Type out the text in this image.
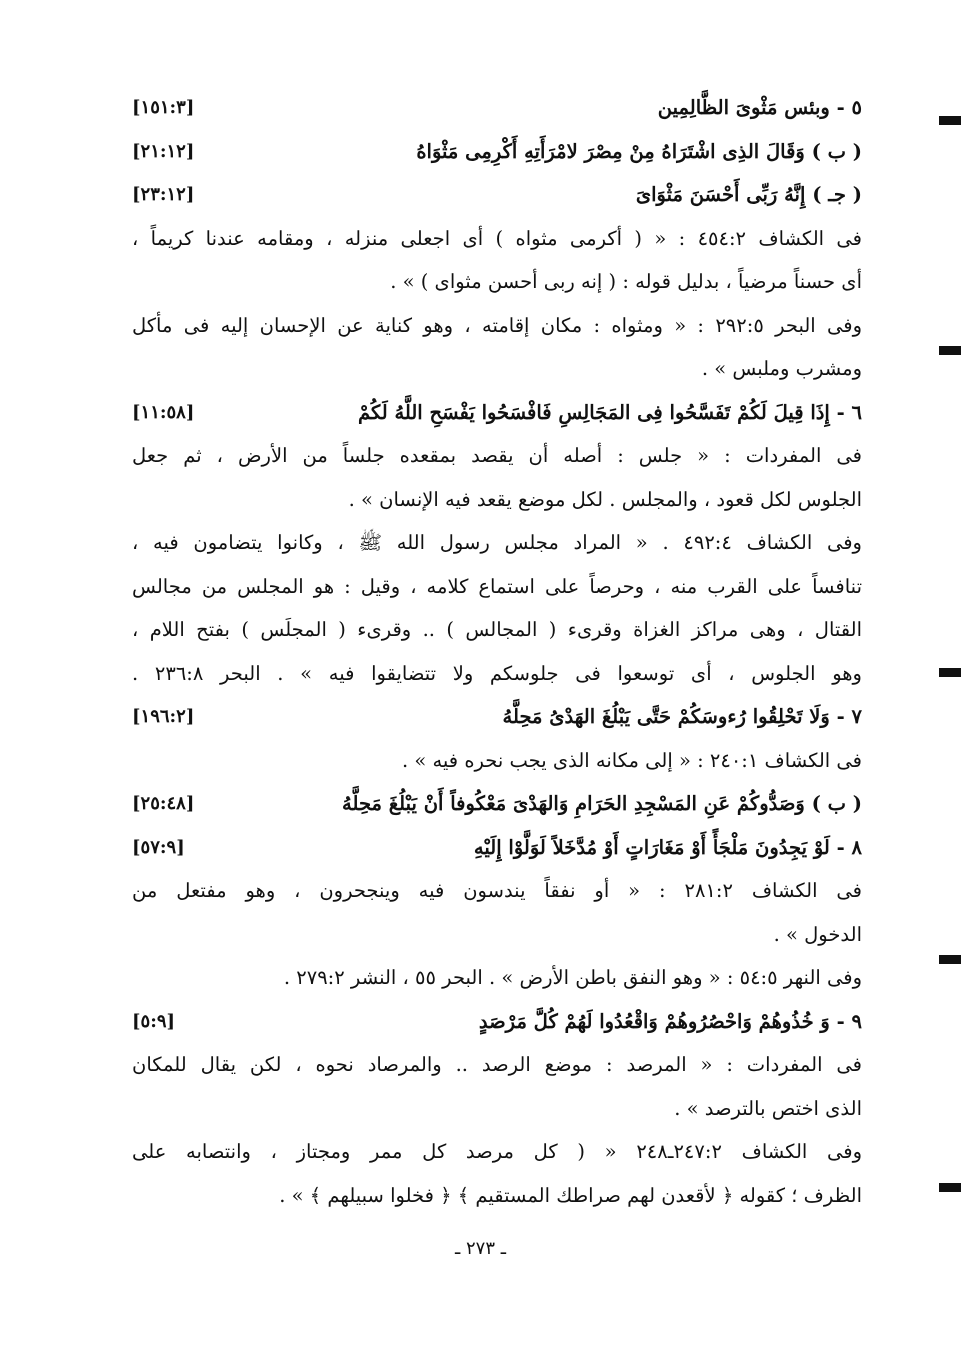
٥ - وبئس مَثْوىَ الظَّالِمِين
[١٥١:٣]
( ب ) وَقَالَ الذِى اشْتَرَاهُ مِنْ مِصْرَ لامْرَأَتِهِ أَكْرِمِى مَثْوَاهُ
[٢١:١٢]
( جـ ) إِنَّهُ رَبِّى أَحْسَنَ مَثْوَاىَ
[٢٣:١٢]
فى الكشاف ٤٥٤:٢ : « ( أكرمى مثواه ) أى اجعلى منزله ، ومقامه عندنا كريماً ،
أى حسناً مرضياً ، بدليل قوله : ( إنه ربى أحسن مثواى ) » .
وفى البحر ٢٩٢:٥ : « ومثواه : مكان إقامته ، وهو كناية عن الإحسان إليه فى مأكل
ومشرب وملبس » .
٦ - إِذَا قِيلَ لَكُمْ تَفَسَّحُوا فِى المَجَالِسِ فَافْسَحُوا يَفْسَحِ اللَّهُ لَكُمْ
[١١:٥٨]
فى المفردات : « جلس : أصله أن يقصد بمقعده جلساً من الأرض ، ثم جعل
الجلوس لكل قعود ، والمجلس . لكل موضع يقعد فيه الإنسان » .
وفى الكشاف ٤٩٢:٤ . « المراد مجلس رسول الله ﷺ ، وكانوا يتضامون فيه ،
تنافساً على القرب منه ، وحرصاً على استماع كلامه ، وقيل : هو المجلس من مجالس
القتال ، وهى مراكز الغزاة وقرىء ( المجالس ) .. وقرىء ( المجلَس ) بفتح اللام ،
وهو الجلوس ، أى توسعوا فى جلوسكم ولا تتضايقوا فيه » . البحر ٢٣٦:٨ .
٧ - وَلَا تَحْلِقُوا رُءوسَكُمْ حَتَّى يَبْلُغَ الهَدْىُ مَحِلَّهُ
[١٩٦:٢]
فى الكشاف ٢٤٠:١ : « إلى مكانه الذى يجب نحره فيه » .
( ب ) وَصَدُّوكُمْ عَنِ المَسْجِدِ الحَرَامِ وَالهَدْىَ مَعْكُوفاً أَنْ يَبْلُغَ مَحِلَّهُ
[٢٥:٤٨]
٨ - لَوْ يَجِدُونَ مَلْجَأً أَوْ مَغَارَاتٍ أَوْ مُدَّخَلاً لَوَلَّوْا إِلَيْهِ
[٥٧:٩]
فى الكشاف ٢٨١:٢ : « أو نفقاً يندسون فيه وينجحرون ، وهو مفتعل من
الدخول » .
وفى النهر ٥٤:٥ : « وهو النفق باطن الأرض » . البحر ٥٥ ، النشر ٢٧٩:٢ .
٩ - وَ خُذُوهُمْ وَاحْصُرُوهُمْ وَاقْعُدُوا لَهُمْ كُلَّ مَرْصَدٍ
[٥:٩]
فى المفردات : « المرصد : موضع الرصد .. والمرصاد نحوه ، لكن يقال للمكان
الذى اختص بالترصد » .
وفى الكشاف ٢٤٧:٢ـ٢٤٨ « ( كل مرصد كل ممر ومجتاز ، وانتصابه على
الظرف ؛ كقوله ﴿ لأقعدن لهم صراطك المستقيم ﴾ ﴿ فخلوا سبيلهم ﴾ » .
ـ ٢٧٣ ـ
